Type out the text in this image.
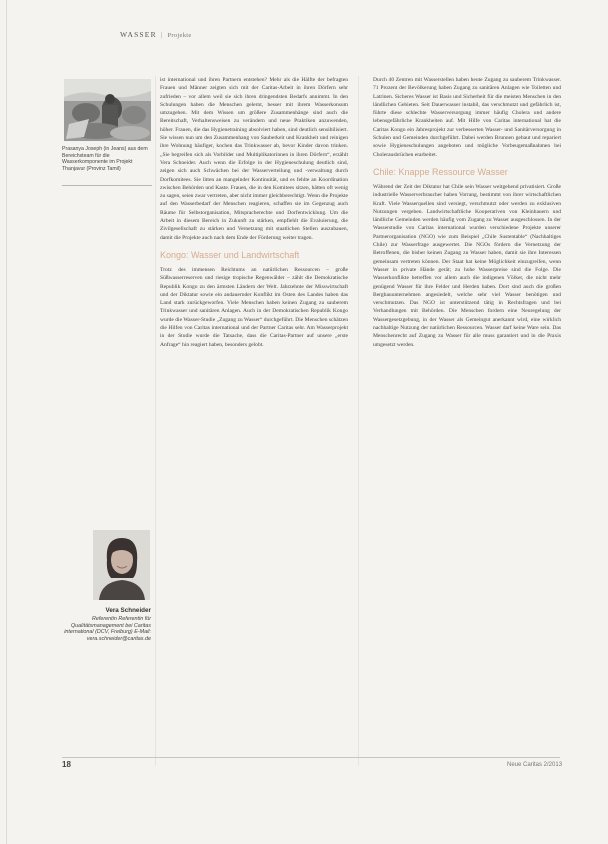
WASSER | Projekte
Prasanya Joseph (in Jeans) aus dem Bereichsteam für die Wasserkomponente im Projekt Thanjavur (Provinz Tamil)
Vera Schneider
Referentin Referentin für Qualitätsmanagement bei Caritas international (DCV, Freiburg) E-Mail: vera.schneider@caritas.de

ist international und ihren Partnern entstehen? Mehr als die Hälfte der befragten Frauen und Männer zeigten sich mit der Caritas-Arbeit in ihren Dörfern sehr zufrieden – vor allem weil sie sich ihren dringendsten Bedarfs annimmt. In den Schulungen haben die Menschen gelernt, besser mit ihrem Wasserkonsum umzugehen. Mit dem Wissen um größere Zusammenhänge sind auch die Bereitschaft, Verhaltensweisen zu verändern und neue Praktiken anzuwenden, höher. Frauen, die das Hygienetraining absolviert haben, sind deutlich sensibilisiert. Sie wissen nun um den Zusammenhang von Sauberkeit und Krankheit und reinigen ihre Wohnung häufiger, kochen das Trinkwasser ab, bevor Kinder davon trinken. „Sie begreifen sich als Vorbilder und Multiplikatorinnen in ihren Dörfern“, erzählt Vera Schneider. Auch wenn die Erfolge in der Hygieneschulung deutlich sind, zeigen sich auch Schwächen bei der Wasserverteilung und -verwaltung durch Dorfkomitees. Sie litten an mangelnder Kontinuität, und es fehlte an Koordination zwischen Behörden und Kaste. Frauen, die in den Komitees sitzen, hätten oft wenig zu sagen, seien zwar vertreten, aber nicht immer gleichberechtigt. Wenn die Projekte auf den Wasserbedarf der Menschen reagieren, schaffen sie im Gegenzug auch Räume für Selbstorganisation, Mitspracherechte und Dorfentwicklung. Um die Arbeit in diesem Bereich in Zukunft zu stärken, empfiehlt die Evaluierung, die Zivilgesellschaft zu stärken und Vernetzung mit staatlichen Stellen auszubauen, damit die Projekte auch nach dem Ende der Förderung weiter tragen.

Kongo: Wasser und Landwirtschaft

Trotz des immensen Reichtums an natürlichen Ressourcen – große Süßwasserreserven und riesige tropische Regenwälder – zählt die Demokratische Republik Kongo zu den ärmsten Ländern der Welt. Jahrzehnte der Misswirtschaft und der Diktatur sowie ein andauernder Konflikt im Osten des Landes haben das Land stark zurückgeworfen. Viele Menschen haben keinen Zugang zu sauberem Trinkwasser und sanitären Anlagen. Auch in der Demokratischen Republik Kongo wurde die Wasser-Studie „Zugang zu Wasser“ durchgeführt. Die Menschen schätzen die Hilfen von Caritas international und der Partner Caritas sehr. Am Wasserprojekt in der Studie wurde die Tatsache, dass die Caritas-Partner auf unsere „erste Anfrage“ hin reagiert haben, besonders gelobt.

Durch 40 Zentren mit Wasserstellen haben heute Zugang zu sauberem Trinkwasser. 71 Prozent der Bevölkerung haben Zugang zu sanitären Anlagen wie Toiletten und Latrinen. Sicheres Wasser ist Basis und Sicherheit für die meisten Menschen in den ländlichen Gebieten. Seit Dauerwasser instabil, das verschmutzt und gefährlich ist, führte diese schlechte Wasserversorgung immer häufig Cholera und andere lebensgefährliche Krankheiten auf. Mit Hilfe von Caritas international hat die Caritas Kongo ein Jahresprojekt zur verbesserten Wasser- und Sanitärversorgung in Schulen und Gemeinden durchgeführt. Dabei werden Brunnen gebaut und repariert sowie Hygieneschulungen angeboten und mögliche Vorbeugemaßnahmen bei Cholerausbrüchen erarbeitet.

Chile: Knappe Ressource Wasser

Während der Zeit der Diktatur hat Chile sein Wasser weitgehend privatisiert. Große industrielle Wasserverbraucher haben Vorrang, bestimmt von ihrer wirtschaftlichen Kraft. Viele Wasserquellen sind versiegt, verschmutzt oder werden zu exklusiven Nutzungen vergeben. Landwirtschaftliche Kooperativen von Kleinbauern und ländliche Gemeinden werden häufig vom Zugang zu Wasser ausgeschlossen. In der Wasserstudie von Caritas international wurden verschiedene Projekte unserer Partnerorganisation (NGO) wie zum Beispiel „Chile Sustentable“ (Nachhaltiges Chile) zur Wasserfrage ausgewertet. Die NGOs fördern die Vernetzung der Betroffenen, die bisher keinen Zugang zu Wasser haben, damit sie ihre Interessen gemeinsam vertreten können. Der Staat hat keine Möglichkeit einzugreifen, wenn Wasser in private Hände gerät; zu hohe Wasserpreise sind die Folge. Die Wasserkonflikte betreffen vor allem auch die indigenen Völker, die nicht mehr genügend Wasser für ihre Felder und Herden haben. Dort sind auch die großen Bergbauunternehmen angesiedelt, welche sehr viel Wasser benötigen und verschmutzen. Das NGO ist unterstützend tätig in Rechtsfragen und bei Verhandlungen mit Behörden. Die Menschen fordern eine Neuregelung der Wassergesetzgebung, in der Wasser als Gemeingut anerkannt wird, eine wirklich nachhaltige Nutzung der natürlichen Ressourcen. Wasser darf keine Ware sein. Das Menschenrecht auf Zugang zu Wasser für alle muss garantiert und in die Praxis umgesetzt werden.

18	Neue Caritas 2/2013
